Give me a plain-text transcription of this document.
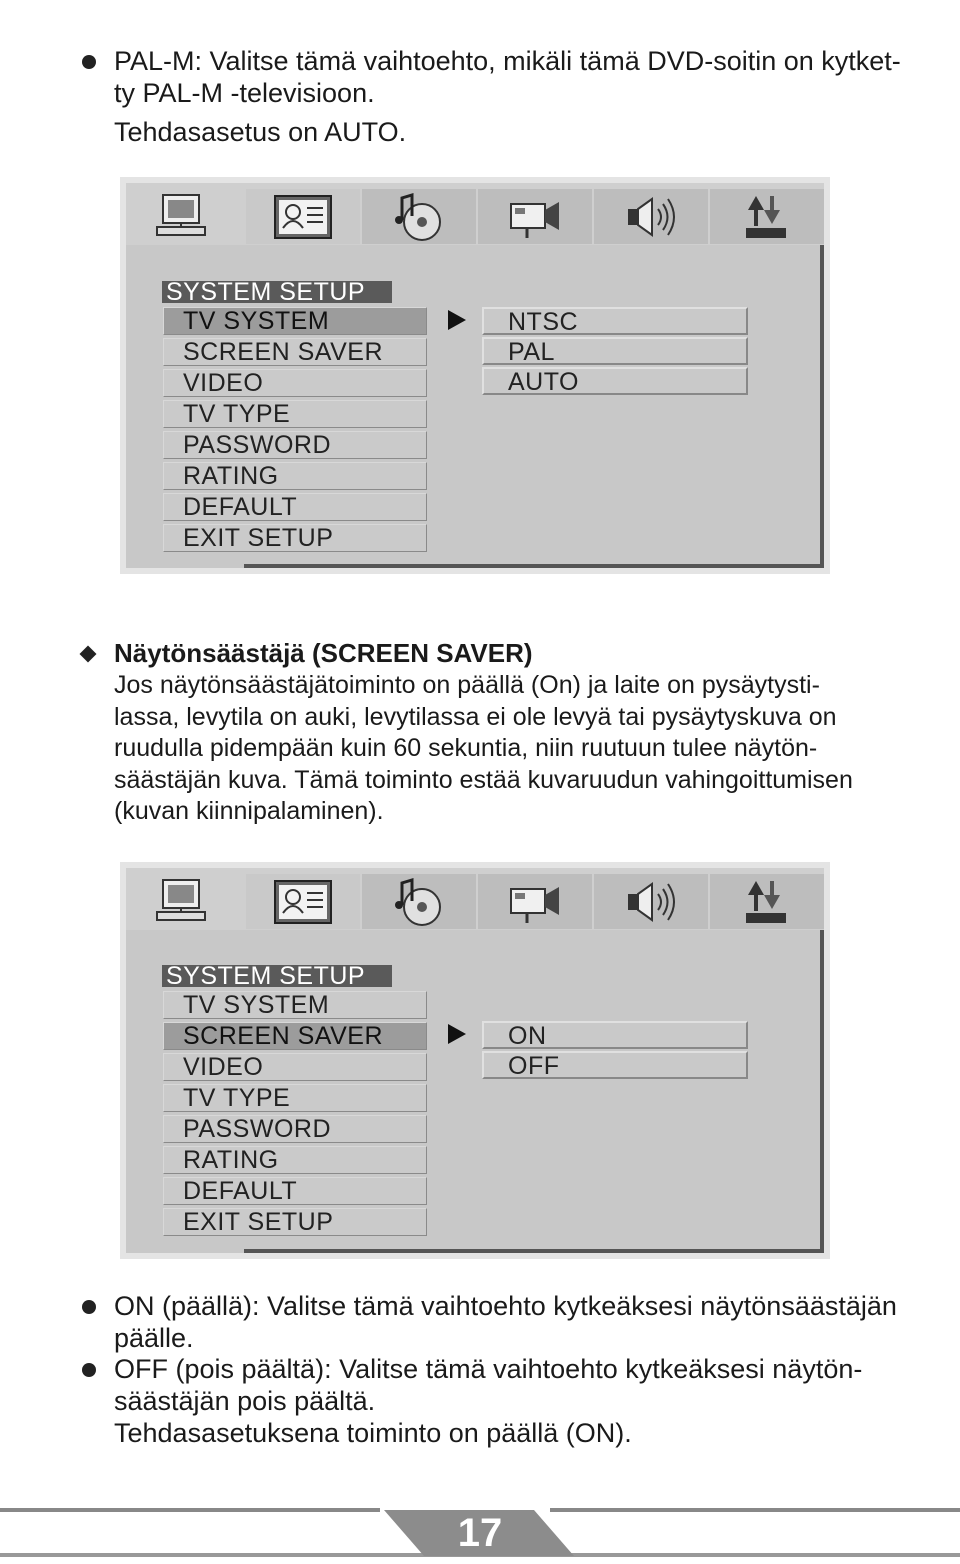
PAL-M: Valitse tämä vaihtoehto, mikäli tämä DVD-soitin on kytket-

ty PAL-M -televisioon.

Tehdasasetus on AUTO.

SYSTEM SETUP
TV SYSTEM
SCREEN SAVER
VIDEO
TV TYPE
PASSWORD
RATING
DEFAULT
EXIT SETUP
NTSC
PAL
AUTO

Näytönsäästäjä (SCREEN SAVER)

Jos näytönsäästäjätoiminto on päällä (On) ja laite on pysäytysti-
lassa, levytila on auki, levytilassa ei ole levyä tai pysäytyskuva on
ruudulla pidempään kuin 60 sekuntia, niin ruutuun tulee näytön-
säästäjän kuva. Tämä toiminto estää kuvaruudun vahingoittumisen
(kuvan kiinnipalaminen).
SYSTEM SETUP
TV SYSTEM
SCREEN SAVER
VIDEO
TV TYPE
PASSWORD
RATING
DEFAULT
EXIT SETUP
ON
OFF

ON (päällä): Valitse tämä vaihtoehto kytkeäksesi näytönsäästäjän

päälle.

OFF (pois päältä): Valitse tämä vaihtoehto kytkeäksesi näytön-

säästäjän pois päältä.

Tehdasasetuksena toiminto on päällä (ON).

17
